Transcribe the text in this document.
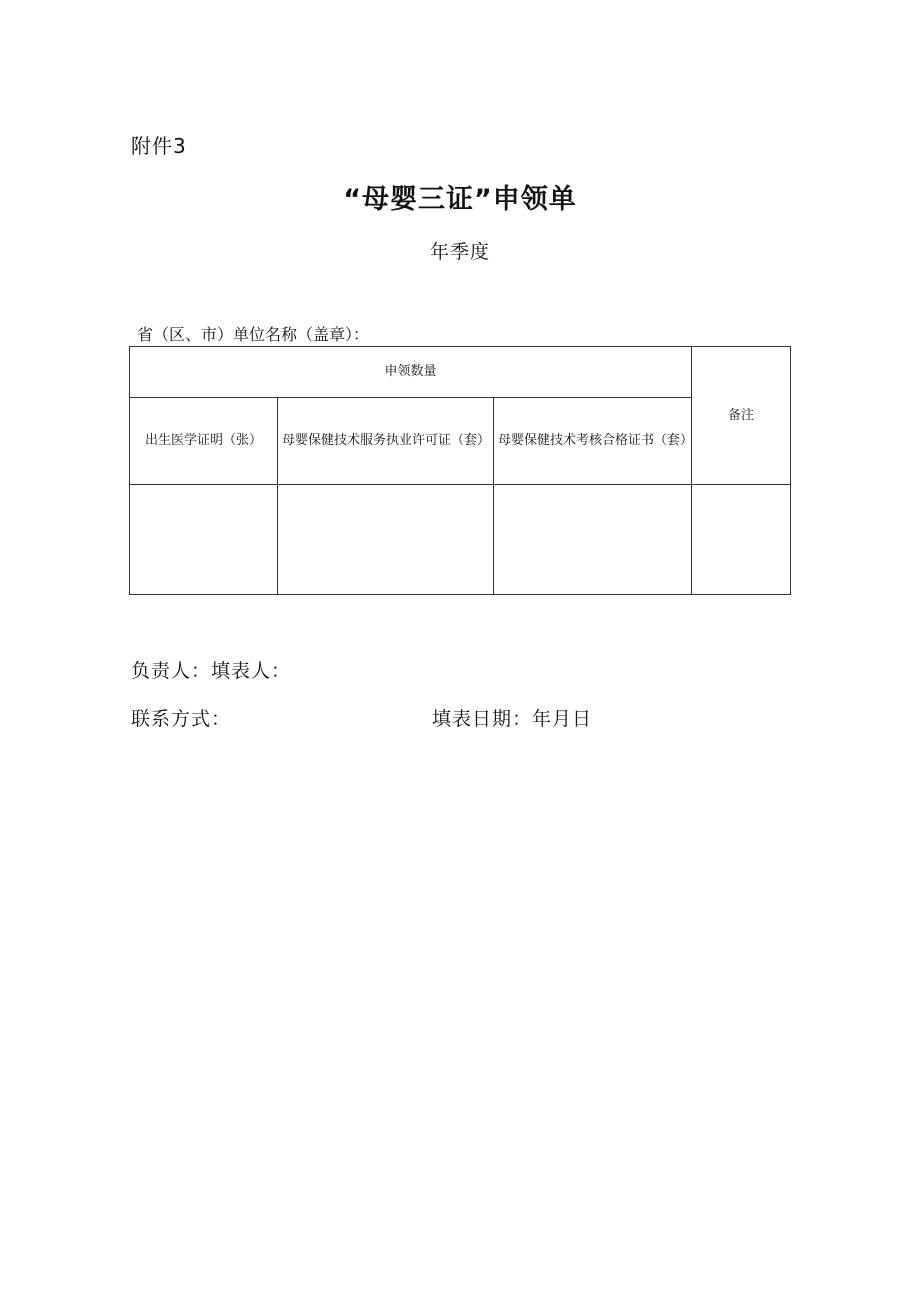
附件3
“母婴三证”申领单
年季度
省（区、市）单位名称（盖章）：
申领数量			备注
出生医学证明（张）	母婴保健技术服务执业许可证（套）	母婴保健技术考核合格证书（套）	

负责人：填表人：
联系方式：	填表日期：年月日
